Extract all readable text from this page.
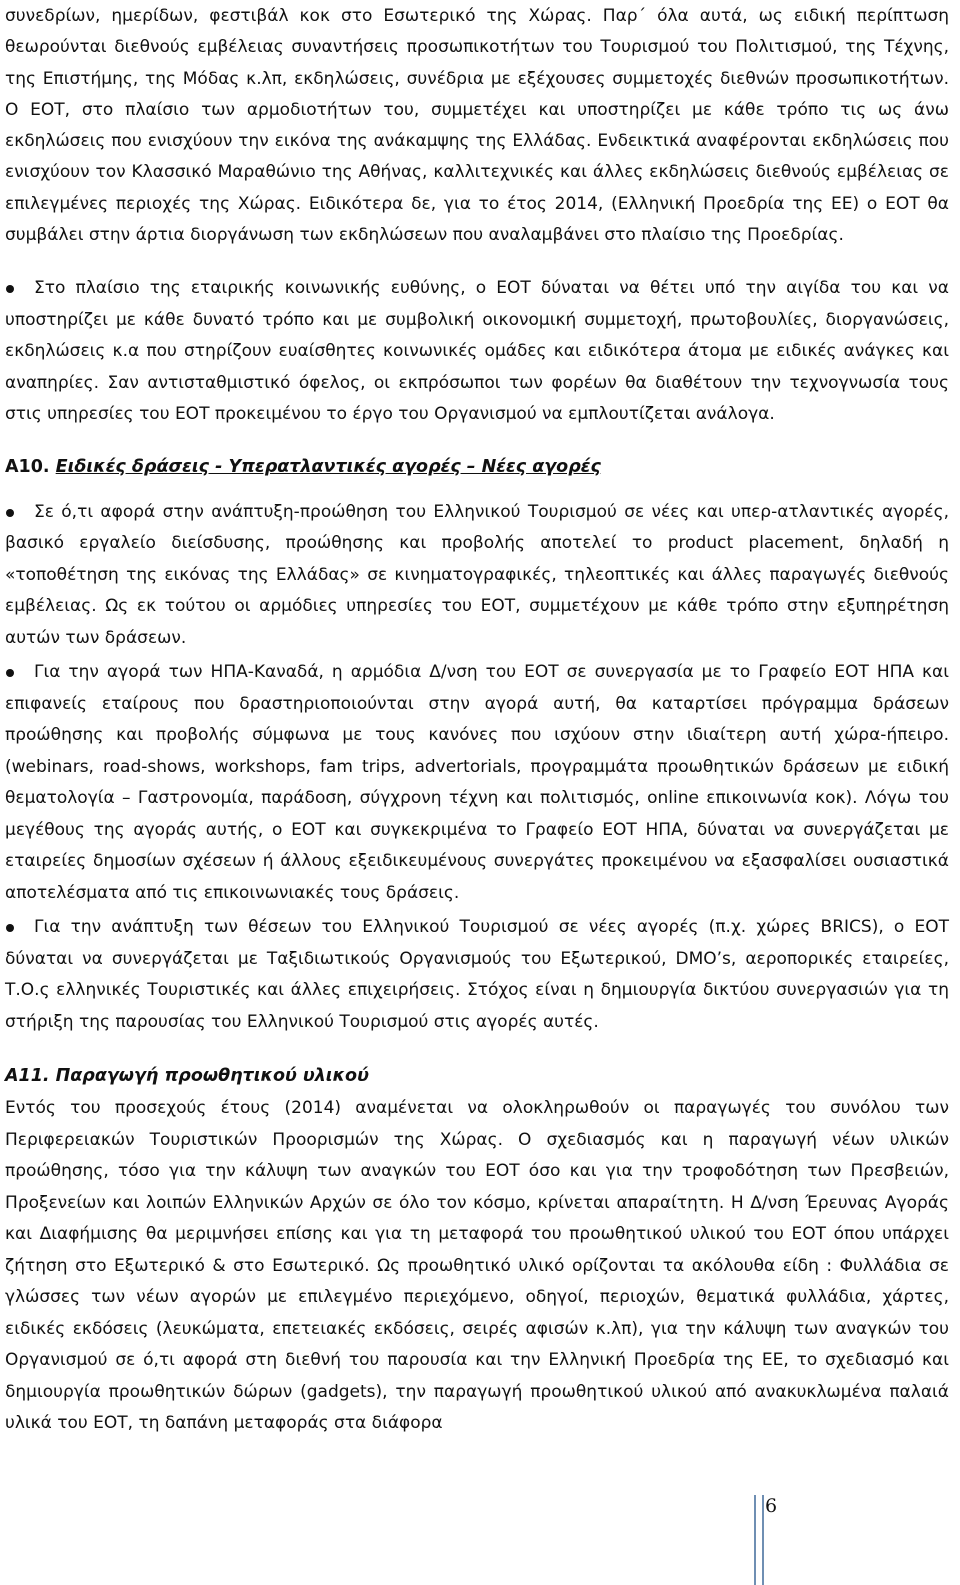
συνεδρίων, ημερίδων, φεστιβάλ κοκ στο Εσωτερικό της Χώρας. Παρ΄ όλα αυτά, ως ειδική περίπτωση θεωρούνται διεθνούς εμβέλειας συναντήσεις προσωπικοτήτων του Τουρισμού του Πολιτισμού, της Τέχνης, της Επιστήμης, της Μόδας κ.λπ, εκδηλώσεις, συνέδρια με εξέχουσες συμμετοχές διεθνών προσωπικοτήτων. Ο ΕΟΤ, στο πλαίσιο των αρμοδιοτήτων του, συμμετέχει και υποστηρίζει με κάθε τρόπο τις ως άνω εκδηλώσεις που ενισχύουν την εικόνα της ανάκαμψης της Ελλάδας. Ενδεικτικά αναφέρονται εκδηλώσεις που ενισχύουν τον Κλασσικό Μαραθώνιο της Αθήνας, καλλιτεχνικές και άλλες εκδηλώσεις διεθνούς εμβέλειας σε επιλεγμένες περιοχές της Χώρας. Ειδικότερα δε, για το έτος 2014, (Ελληνική Προεδρία της ΕΕ) ο ΕΟΤ θα συμβάλει στην άρτια διοργάνωση των εκδηλώσεων που αναλαμβάνει στο πλαίσιο της Προεδρίας.

Στο πλαίσιο της εταιρικής κοινωνικής ευθύνης, ο ΕΟΤ δύναται να θέτει υπό την αιγίδα του και να υποστηρίζει με κάθε δυνατό τρόπο και με συμβολική οικονομική συμμετοχή, πρωτοβουλίες, διοργανώσεις, εκδηλώσεις κ.α που στηρίζουν ευαίσθητες κοινωνικές ομάδες και ειδικότερα άτομα με ειδικές ανάγκες και αναπηρίες. Σαν αντισταθμιστικό όφελος, οι εκπρόσωποι των φορέων θα διαθέτουν την τεχνογνωσία τους στις υπηρεσίες του ΕΟΤ προκειμένου το έργο του Οργανισμού να εμπλουτίζεται ανάλογα.

Α10. Ειδικές δράσεις - Υπερατλαντικές αγορές – Νέες αγορές

Σε ό,τι αφορά στην ανάπτυξη-προώθηση του Ελληνικού Τουρισμού σε νέες και υπερ-ατλαντικές αγορές, βασικό εργαλείο διείσδυσης, προώθησης και προβολής αποτελεί το product placement, δηλαδή η «τοποθέτηση της εικόνας της Ελλάδας» σε κινηματογραφικές, τηλεοπτικές και άλλες παραγωγές διεθνούς εμβέλειας. Ως εκ τούτου οι αρμόδιες υπηρεσίες του ΕΟΤ, συμμετέχουν με κάθε τρόπο στην εξυπηρέτηση αυτών των δράσεων.

Για την αγορά των ΗΠΑ-Καναδά, η αρμόδια Δ/νση του ΕΟΤ σε συνεργασία με το Γραφείο ΕΟΤ ΗΠΑ και επιφανείς εταίρους που δραστηριοποιούνται στην αγορά αυτή, θα καταρτίσει πρόγραμμα δράσεων προώθησης και προβολής σύμφωνα με τους κανόνες που ισχύουν στην ιδιαίτερη αυτή χώρα-ήπειρο. (webinars, road-shows, workshops, fam trips, advertorials, προγραμμάτα προωθητικών δράσεων με ειδική θεματολογία – Γαστρονομία, παράδοση, σύγχρονη τέχνη και πολιτισμός, online επικοινωνία κοκ). Λόγω του μεγέθους της αγοράς αυτής, ο ΕΟΤ και συγκεκριμένα το Γραφείο ΕΟΤ ΗΠΑ, δύναται να συνεργάζεται με εταιρείες δημοσίων σχέσεων ή άλλους εξειδικευμένους συνεργάτες προκειμένου να εξασφαλίσει ουσιαστικά αποτελέσματα από τις επικοινωνιακές τους δράσεις.

Για την ανάπτυξη των θέσεων του Ελληνικού Τουρισμού σε νέες αγορές (π.χ. χώρες BRICS), ο ΕΟΤ δύναται να συνεργάζεται με Ταξιδιωτικούς Οργανισμούς του Εξωτερικού, DMO’s, αεροπορικές εταιρείες, Τ.Ο.ς ελληνικές Τουριστικές και άλλες επιχειρήσεις. Στόχος είναι η δημιουργία δικτύου συνεργασιών για τη στήριξη της παρουσίας του Ελληνικού Τουρισμού στις αγορές αυτές.

Α11. Παραγωγή προωθητικού υλικού

Εντός του προσεχούς έτους (2014) αναμένεται να ολοκληρωθούν οι παραγωγές του συνόλου των Περιφερειακών Τουριστικών Προορισμών της Χώρας. Ο σχεδιασμός και η παραγωγή νέων υλικών προώθησης, τόσο για την κάλυψη των αναγκών του ΕΟΤ όσο και για την τροφοδότηση των Πρεσβειών, Προξενείων και λοιπών Ελληνικών Αρχών σε όλο τον κόσμο, κρίνεται απαραίτητη. Η Δ/νση Έρευνας Αγοράς και Διαφήμισης θα μεριμνήσει επίσης και για τη μεταφορά του προωθητικού υλικού του ΕΟΤ όπου υπάρχει ζήτηση στο Εξωτερικό & στο Εσωτερικό. Ως προωθητικό υλικό ορίζονται τα ακόλουθα είδη : Φυλλάδια σε γλώσσες των νέων αγορών με επιλεγμένο περιεχόμενο, οδηγοί, περιοχών, θεματικά φυλλάδια, χάρτες, ειδικές εκδόσεις (λευκώματα, επετειακές εκδόσεις, σειρές αφισών κ.λπ), για την κάλυψη των αναγκών του Οργανισμού σε ό,τι αφορά στη διεθνή του παρουσία και την Ελληνική Προεδρία της ΕΕ, το σχεδιασμό και δημιουργία προωθητικών δώρων (gadgets), την παραγωγή προωθητικού υλικού από ανακυκλωμένα παλαιά υλικά του ΕΟΤ, τη δαπάνη μεταφοράς στα διάφορα

6
